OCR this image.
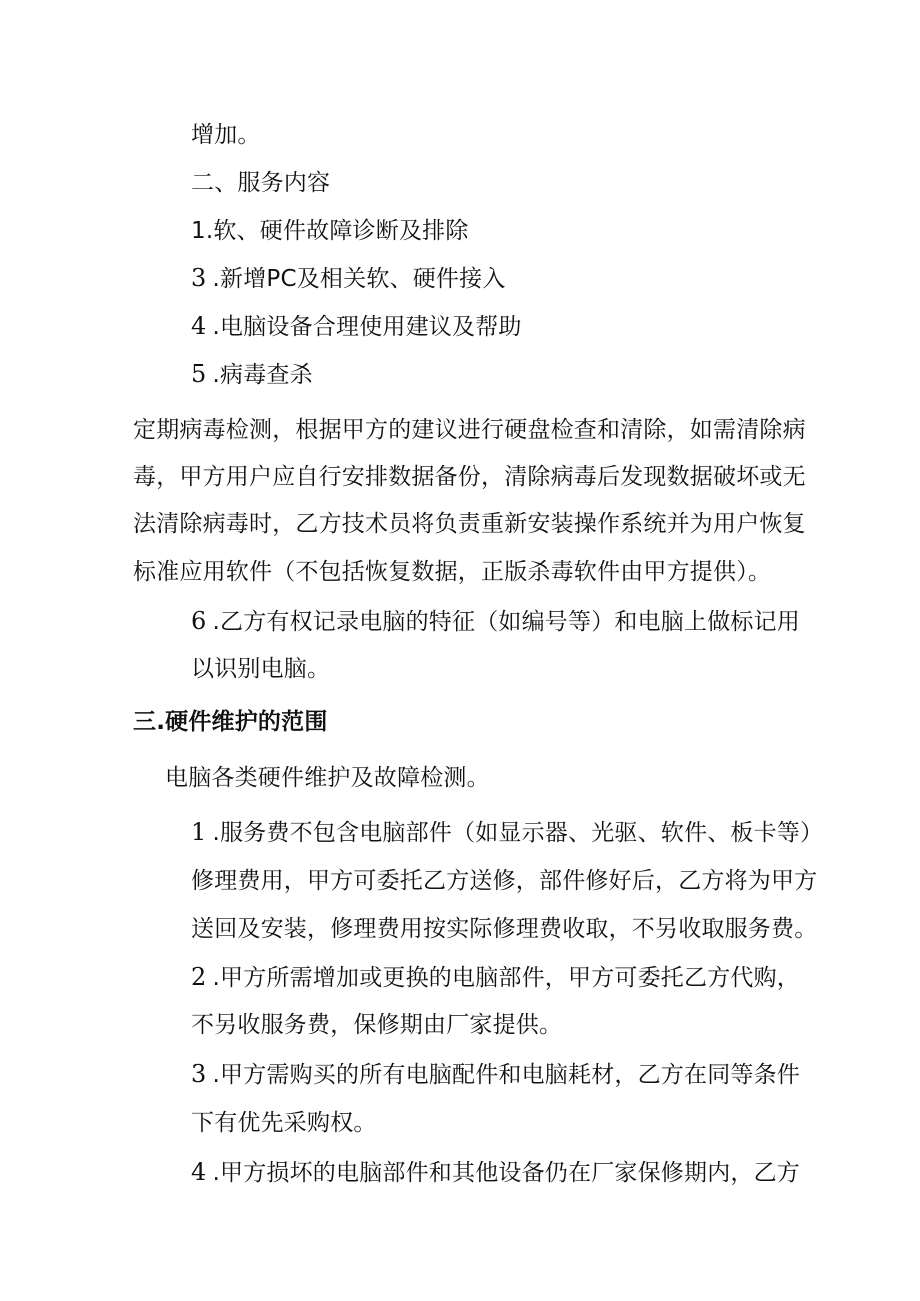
增加。
二、服务内容
1.软、硬件故障诊断及排除
3 .新增PC及相关软、硬件接入
4 .电脑设备合理使用建议及帮助
5 .病毒查杀
定期病毒检测，根据甲方的建议进行硬盘检查和清除，如需清除病
毒，甲方用户应自行安排数据备份，清除病毒后发现数据破坏或无
法清除病毒时，乙方技术员将负责重新安装操作系统并为用户恢复
标准应用软件（不包括恢复数据，正版杀毒软件由甲方提供）。
6 .乙方有权记录电脑的特征（如编号等）和电脑上做标记用
以识别电脑。
三.硬件维护的范围
电脑各类硬件维护及故障检测。
1 .服务费不包含电脑部件（如显示器、光驱、软件、板卡等）
修理费用，甲方可委托乙方送修，部件修好后，乙方将为甲方
送回及安装，修理费用按实际修理费收取，不另收取服务费。
2 .甲方所需增加或更换的电脑部件，甲方可委托乙方代购，
不另收服务费，保修期由厂家提供。
3 .甲方需购买的所有电脑配件和电脑耗材，乙方在同等条件
下有优先采购权。
4 .甲方损坏的电脑部件和其他设备仍在厂家保修期内，乙方
